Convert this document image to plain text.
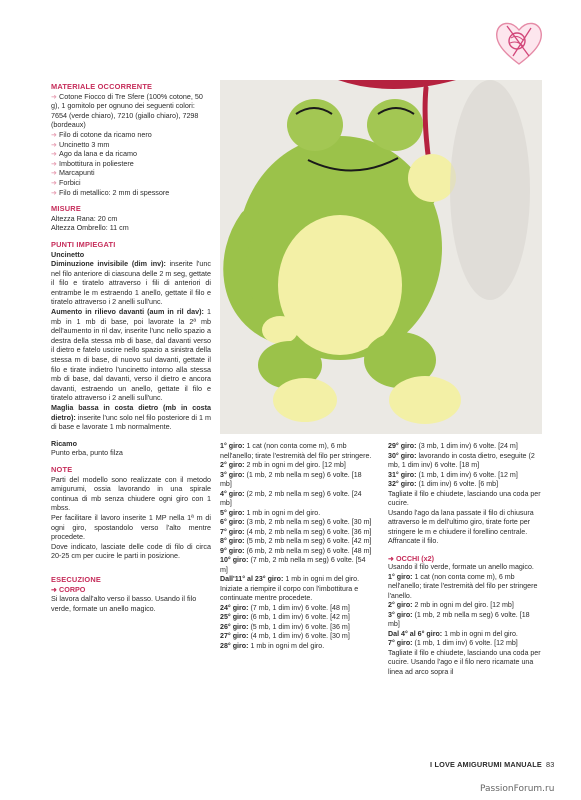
MATERIALE OCCORRENTE
➜ Cotone Fiocco di Tre Sfere (100% cotone, 50 g), 1 gomitolo per ognuno dei seguenti colori: 7654 (verde chiaro), 7210 (giallo chiaro), 7298 (bordeaux)
➜ Filo di cotone da ricamo nero
➜ Uncinetto 3 mm
➜ Ago da lana e da ricamo
➜ Imbottitura in poliestere
➜ Marcapunti
➜ Forbici
➜ Filo di metallico: 2 mm di spessore
MISURE

Altezza Rana: 20 cm

Altezza Ombrello: 11 cm

PUNTI IMPIEGATI

Uncinetto

Diminuzione invisibile (dim inv): inserite l'unc nel filo anteriore di ciascuna delle 2 m seg, gettate il filo e tiratelo attraverso i fili di anteriori di entrambe le m estraendo 1 anello, gettate il filo e tiratelo attraverso i 2 anelli sull'unc.

Aumento in rilievo davanti (aum in ril dav): 1 mb in 1 mb di base, poi lavorate la 2ª mb dell'aumento in ril dav, inserite l'unc nello spazio a destra della stessa mb di base, dal davanti verso il dietro e fatelo uscire nello spazio a sinistra della stessa m di base, di nuovo sul davanti, gettate il filo e tirate indietro l'uncinetto intorno alla stessa mb di base, dal davanti, verso il dietro e ancora davanti, estraendo un anello, gettate il filo e tiratelo attraverso i 2 anelli sull'unc.

Maglia bassa in costa dietro (mb in costa dietro): inserite l'unc solo nel filo posteriore di 1 m di base e lavorate 1 mb normalmente.

Ricamo

Punto erba, punto filza

NOTE

Parti del modello sono realizzate con il metodo amigurumi, ossia lavorando in una spirale continua di mb senza chiudere ogni giro con 1 mbss.

Per facilitare il lavoro inserite 1 MP nella 1ª m di ogni giro, spostandolo verso l'alto mentre procedete.

Dove indicato, lasciate delle code di filo di circa 20-25 cm per cucire le parti in posizione.

ESECUZIONE
➜ CORPO

Si lavora dall'alto verso il basso. Usando il filo verde, formate un anello magico.

1° giro: 1 cat (non conta come m), 6 mb nell'anello; tirate l'estremità del filo per stringere.

2° giro: 2 mb in ogni m del giro. [12 mb]

3° giro: (1 mb, 2 mb nella m seg) 6 volte. [18 mb]

4° giro: (2 mb, 2 mb nella m seg) 6 volte. [24 mb]

5° giro: 1 mb in ogni m del giro.

6° giro: (3 mb, 2 mb nella m seg) 6 volte. [30 m]

7° giro: (4 mb, 2 mb nella m seg) 6 volte. [36 m]

8° giro: (5 mb, 2 mb nella m seg) 6 volte. [42 m]

9° giro: (6 mb, 2 mb nella m seg) 6 volte. [48 m]

10° giro: (7 mb, 2 mb nella m seg) 6 volte. [54 m]

Dall'11° al 23° giro: 1 mb in ogni m del giro. Iniziate a riempire il corpo con l'imbottitura e continuate mentre procedete.

24° giro: (7 mb, 1 dim inv) 6 volte. [48 m]

25° giro: (6 mb, 1 dim inv) 6 volte. [42 m]

26° giro: (5 mb, 1 dim inv) 6 volte. [36 m]

27° giro: (4 mb, 1 dim inv) 6 volte. [30 m]

28° giro: 1 mb in ogni m del giro.

29° giro: (3 mb, 1 dim inv) 6 volte. [24 m]

30° giro: lavorando in costa dietro, eseguite (2 mb, 1 dim inv) 6 volte. [18 m]

31° giro: (1 mb, 1 dim inv) 6 volte. [12 m]

32° giro: (1 dim inv) 6 volte. [6 mb]

Tagliate il filo e chiudete, lasciando una coda per cucire.

Usando l'ago da lana passate il filo di chiusura attraverso le m dell'ultimo giro, tirate forte per stringere le m e chiudere il forellino centrale.

Affrancate il filo.

➜ OCCHI (x2)

Usando il filo verde, formate un anello magico.

1° giro: 1 cat (non conta come m), 6 mb nell'anello; tirate l'estremità del filo per stringere l'anello.

2° giro: 2 mb in ogni m del giro. [12 mb]

3° giro: (1 mb, 2 mb nella m seg) 6 volte. [18 mb]

Dal 4° al 6° giro: 1 mb in ogni m del giro.

7° giro: (1 mb, 1 dim inv) 6 volte. [12 mb]

Tagliate il filo e chiudete, lasciando una coda per cucire. Usando l'ago e il filo nero ricamate una linea ad arco sopra il

I LOVE AMIGURUMI MANUALE 83
PassionForum.ru
